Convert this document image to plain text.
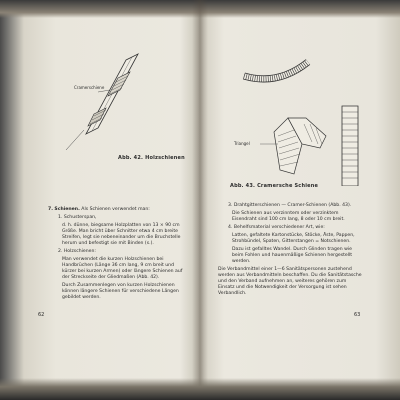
Cramerschiene
Abb. 42. Holzschienen

7. Schienen. Als Schienen verwendet man:

1. Schusterspan,

d. h. dünne, biegsame Holzplatten von 13 × 90 cm Größe. Man bricht über Schnitter etwa 4 cm breite Streifen, legt sie nebeneinander um die Bruchstelle herum und befestigt sie mit Binden (s.).

2. Holzschienen:

Man verwendet die kurzen Holzschienen bei Handbrüchen (Länge 36 cm lang, 9 cm breit und kürzer bei kurzen Armen) oder längere Schienen auf der Streckseite der Gliedmaßen (Abb. 42).

Durch Zusammenlegen von kurzen Holzschienen können längere Schienen für verschiedene Längen gebildet werden.

62
Triangel
Abb. 43. Cramersche Schiene

3. Drahtgitterschienen — Cramer-Schienen (Abb. 43).

Die Schienen aus verzinntem oder verzinktem Eisendraht sind 100 cm lang, 8 oder 10 cm breit.

4. Behelfsmaterial verschiedener Art, wie:

Latten, gefaltete Kartonstücke, Stöcke, Äste, Pappen, Strohbündel, Spaten, Gitterstangen = Notschienen.

Dazu ist gefalltes Wandel. Durch Glinden tragen wie beim Fohlen und hauenmäßige Schienen hergestellt werden.

Die Verbandmittel einer 1—6 Sanitätspersonen zustehend werden aus Verbandmitteln beschaffen. Du die Sanitätstasche und den Verband aufnehmen an, weiteres gehören zum Einsatz und die Notwendigkeit der Versorgung ist sehen Verbandlich.

63
